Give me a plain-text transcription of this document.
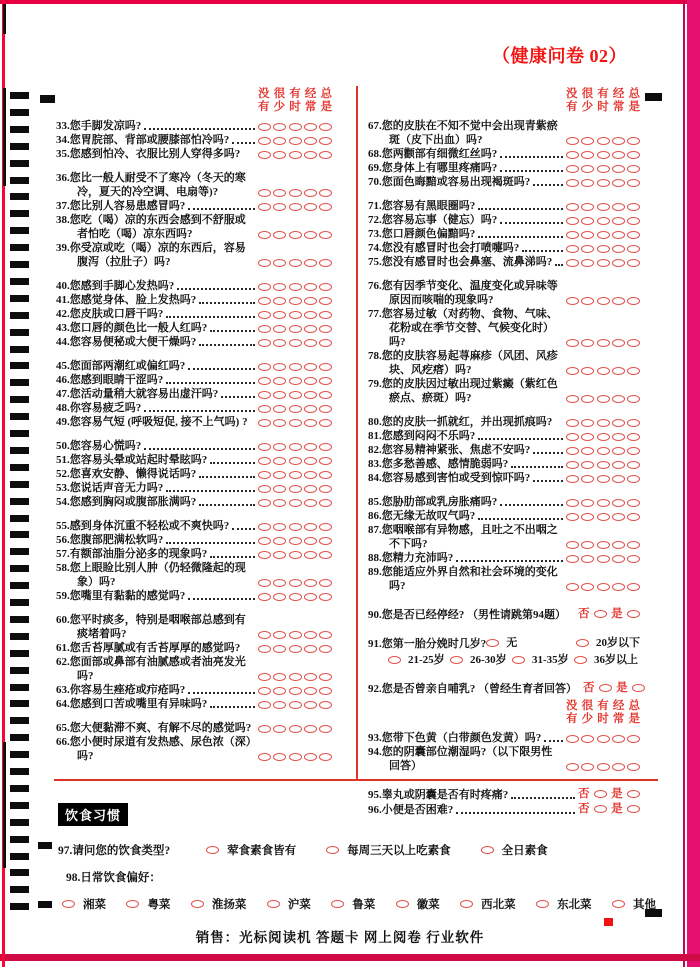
（健康问卷 02）
没 很 有 经 总
有 少 时 常 是
33.您手脚发凉吗?
34.您胃脘部、背部或腰膝部怕冷吗?
35.您感到怕冷、衣服比别人穿得多吗?
36.您比一般人耐受不了寒冷（冬天的寒冷，夏天的冷空调、电扇等)?
37.您比别人容易患感冒吗?
38.您吃（喝）凉的东西会感到不舒服或者怕吃（喝）凉东西吗?
39.你受凉或吃（喝）凉的东西后，容易腹泻（拉肚子）吗?
40.您感到手脚心发热吗?
41.您感觉身体、脸上发热吗?
42.您皮肤或口唇干吗?
43.您口唇的颜色比一般人红吗?
44.您容易便秘或大便干燥吗?
45.您面部两潮红或偏红吗?
46.您感到眼睛干涩吗?
47.您活动量稍大就容易出虚汗吗?
48.你容易疲乏吗?
49.您容易气短 (呼吸短促, 接不上气吗) ?
50.您容易心慌吗?
51.您容易头晕或站起时晕眩吗?
52.您喜欢安静、懒得说话吗?
53.您说话声音无力吗?
54.您感到胸闷或腹部胀满吗?
55.感到身体沉重不轻松或不爽快吗?
56.您腹部肥满松软吗?
57.有额部油脂分泌多的现象吗?
58.您上眼睑比别人肿（仍轻微隆起的现象）吗?
59.您嘴里有黏黏的感觉吗?
60.您平时痰多，特别是咽喉部总感到有痰堵着吗?
61.您舌苔厚腻或有舌苔厚厚的感觉吗?
62.您面部或鼻部有油腻感或者油亮发光吗?
63.你容易生痤疮或疖疮吗?
64.您感到口苦或嘴里有异味吗?
65.您大便黏滞不爽、有解不尽的感觉吗?
66.您小便时尿道有发热感、尿色浓（深）吗?
没 很 有 经 总
有 少 时 常 是
67.您的皮肤在不知不觉中会出现青紫瘀斑（皮下出血）吗?
68.您两颧部有细微红丝吗?
69.您身体上有哪里疼痛吗?
70.您面色晦黯或容易出现褐斑吗?
71.您容易有黑眼圈吗?
72.您容易忘事（健忘）吗?
73.您口唇颜色偏黯吗?
74.您没有感冒时也会打喷嚏吗?
75.您没有感冒时也会鼻塞、流鼻涕吗?
76.您有因季节变化、温度变化或异味等原因而咳喘的现象吗?
77.您容易过敏（对药物、食物、气味、花粉或在季节交替、气候变化时）吗?
78.您的皮肤容易起荨麻疹（风团、风疹块、风疙瘩）吗?
79.您的皮肤因过敏出现过紫癜（紫红色瘀点、瘀斑）吗?
80.您的皮肤一抓就红，并出现抓痕吗?
81.您感到闷闷不乐吗?
82.您容易精神紧张、焦虑不安吗?
83.您多愁善感、感情脆弱吗?
84.您容易感到害怕或受到惊吓吗?
85.您胁肋部或乳房胀痛吗?
86.您无缘无故叹气吗?
87.您咽喉部有异物感，且吐之不出咽之不下吗?
88.您精力充沛吗?
89.您能适应外界自然和社会环境的变化吗?
90.您是否已经停经? （男性请跳第94题） 否 是
91.您第一胎分娩时几岁? 无	20岁以下
21-25岁 26-30岁 31-35岁 36岁以上
92.您是否曾亲自哺乳? （曾经生育者回答） 否 是
没 很 有 经 总
有 少 时 常 是
93.您带下色黄（白带颜色发黄）吗?
94.您的阴囊部位潮湿吗?（以下限男性回答）
95.睾丸或阴囊是否有时疼痛?	否 是
96.小便是否困难?	否 是
饮食习惯
97.请问您的饮食类型?	荤食素食皆有	每周三天以上吃素食	全日素食
98.日常饮食偏好：
湘菜	粤菜	淮扬菜	沪菜	鲁菜	徽菜	西北菜	东北菜	其他
销售：光标阅读机 答题卡 网上阅卷 行业软件
